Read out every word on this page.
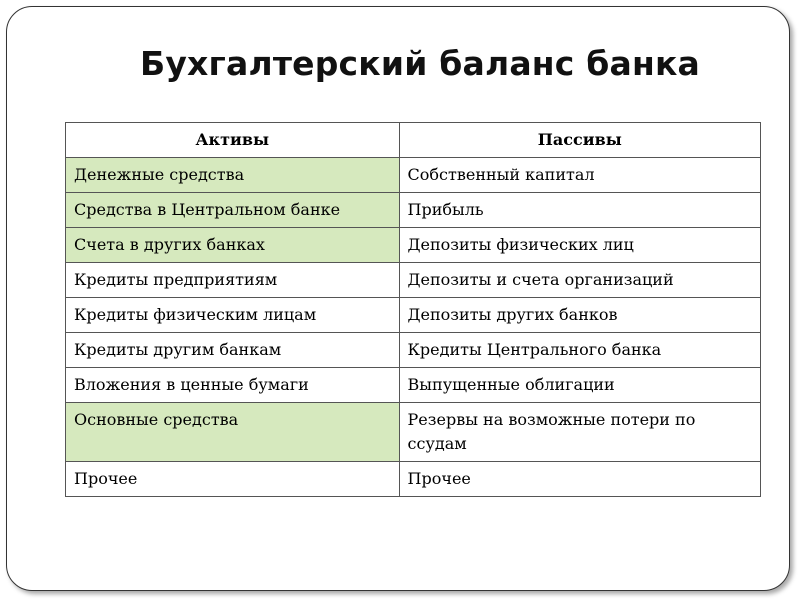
Бухгалтерский баланс банка
Активы	Пассивы
Денежные средства	Собственный капитал
Средства в Центральном банке	Прибыль
Счета в других банках	Депозиты физических лиц
Кредиты предприятиям	Депозиты и счета организаций
Кредиты физическим лицам	Депозиты других банков
Кредиты другим банкам	Кредиты Центрального банка
Вложения в ценные бумаги	Выпущенные облигации
Основные средства	Резервы на возможные потери по ссудам
Прочее	Прочее
